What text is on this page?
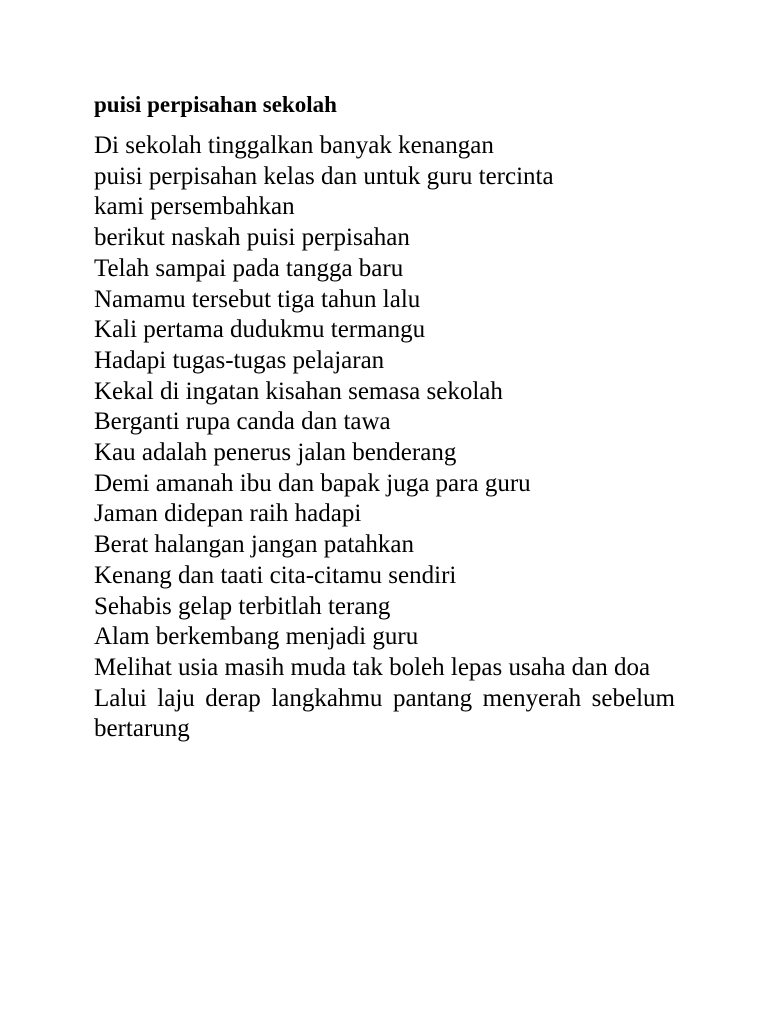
puisi perpisahan sekolah
Di sekolah tinggalkan banyak kenangan
puisi perpisahan kelas dan untuk guru tercinta
kami persembahkan
berikut naskah puisi perpisahan
Telah sampai pada tangga baru
Namamu tersebut tiga tahun lalu
Kali pertama dudukmu termangu
Hadapi tugas-tugas pelajaran
Kekal di ingatan kisahan semasa sekolah
Berganti rupa canda dan tawa
Kau adalah penerus jalan benderang
Demi amanah ibu dan bapak juga para guru
Jaman didepan raih hadapi
Berat halangan jangan patahkan
Kenang dan taati cita-citamu sendiri
Sehabis gelap terbitlah terang
Alam berkembang menjadi guru
Melihat usia masih muda tak boleh lepas usaha dan doa
Lalui laju derap langkahmu pantang menyerah sebelum bertarung
